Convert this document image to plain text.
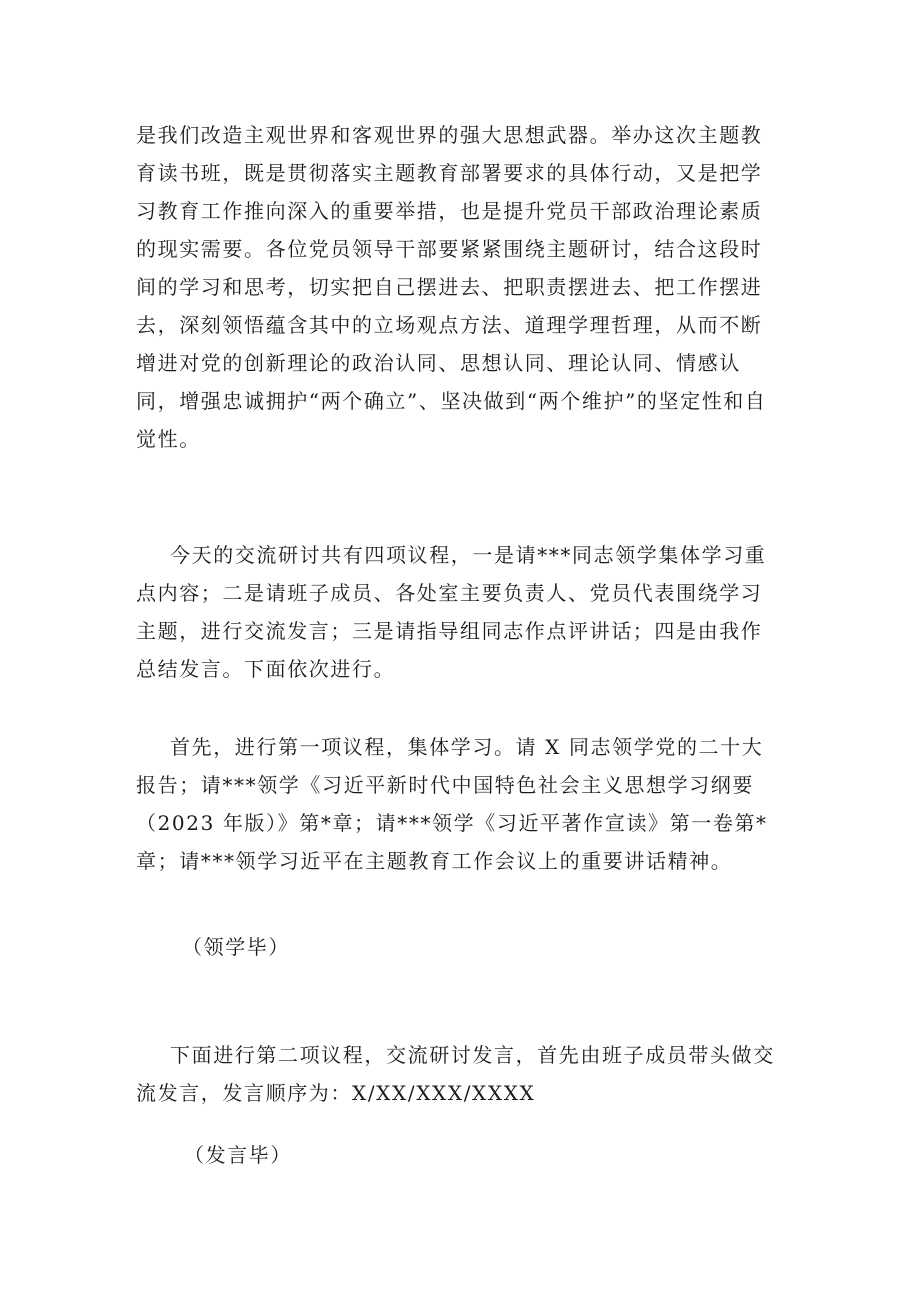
是我们改造主观世界和客观世界的强大思想武器。举办这次主题教育读书班，既是贯彻落实主题教育部署要求的具体行动，又是把学习教育工作推向深入的重要举措，也是提升党员干部政治理论素质的现实需要。各位党员领导干部要紧紧围绕主题研讨，结合这段时间的学习和思考，切实把自己摆进去、把职责摆进去、把工作摆进去，深刻领悟蕴含其中的立场观点方法、道理学理哲理，从而不断增进对党的创新理论的政治认同、思想认同、理论认同、情感认同，增强忠诚拥护“两个确立”、坚决做到“两个维护”的坚定性和自觉性。

今天的交流研讨共有四项议程，一是请***同志领学集体学习重点内容；二是请班子成员、各处室主要负责人、党员代表围绕学习主题，进行交流发言；三是请指导组同志作点评讲话；四是由我作总结发言。下面依次进行。

首先，进行第一项议程，集体学习。请 X 同志领学党的二十大报告；请***领学《习近平新时代中国特色社会主义思想学习纲要（2023 年版）》第*章；请***领学《习近平著作宣读》第一卷第*章；请***领学习近平在主题教育工作会议上的重要讲话精神。

（领学毕）

下面进行第二项议程，交流研讨发言，首先由班子成员带头做交流发言，发言顺序为：X/XX/XXX/XXXX

（发言毕）
